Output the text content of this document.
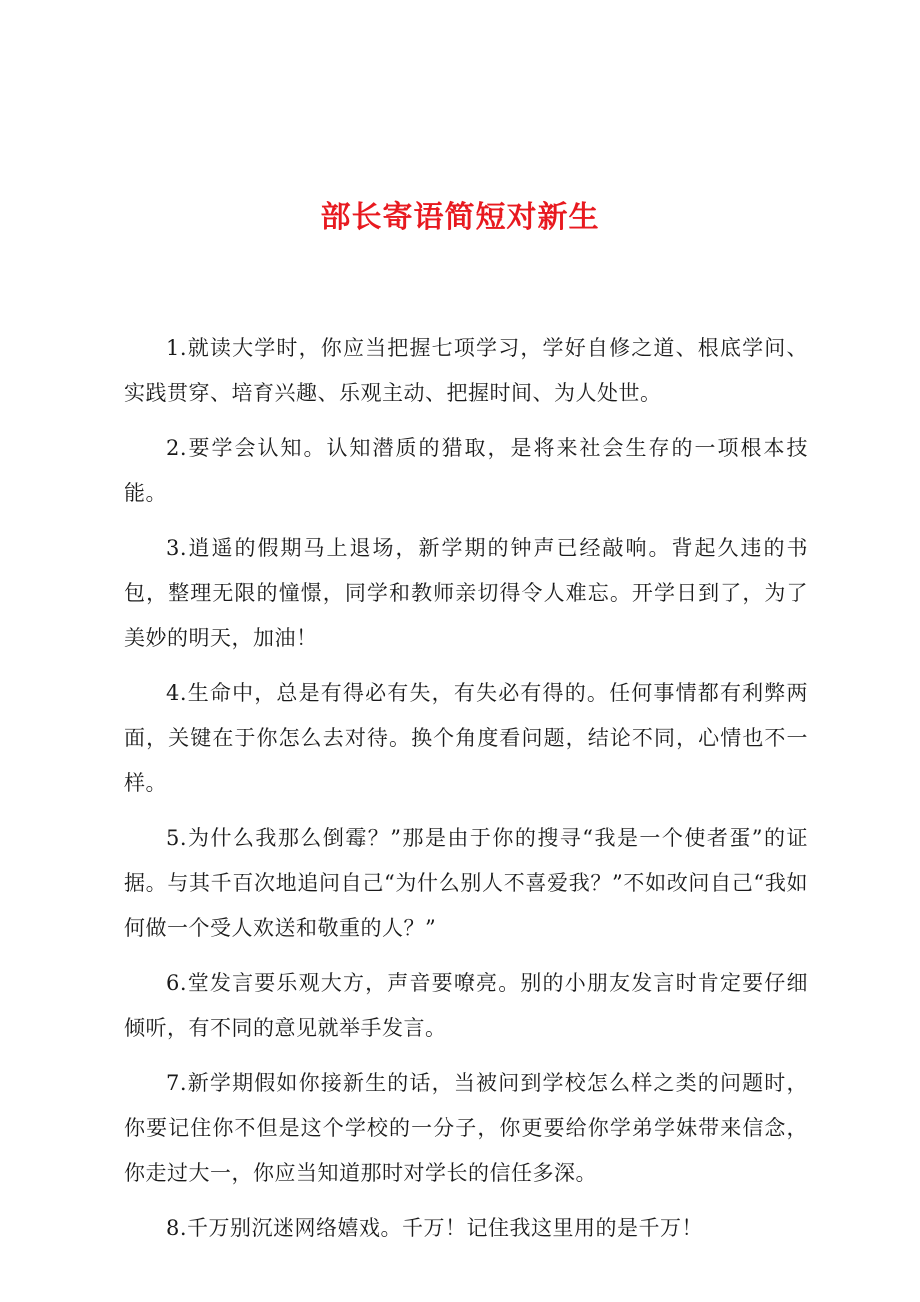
部长寄语简短对新生

1.就读大学时，你应当把握七项学习，学好自修之道、根底学问、实践贯穿、培育兴趣、乐观主动、把握时间、为人处世。

2.要学会认知。认知潜质的猎取，是将来社会生存的一项根本技能。

3.逍遥的假期马上退场，新学期的钟声已经敲响。背起久违的书包，整理无限的憧憬，同学和教师亲切得令人难忘。开学日到了，为了美妙的明天，加油！

4.生命中，总是有得必有失，有失必有得的。任何事情都有利弊两面，关键在于你怎么去对待。换个角度看问题，结论不同，心情也不一样。

5.为什么我那么倒霉？”那是由于你的搜寻“我是一个使者蛋”的证据。与其千百次地追问自己“为什么别人不喜爱我？”不如改问自己“我如何做一个受人欢送和敬重的人？”

6.堂发言要乐观大方，声音要嘹亮。别的小朋友发言时肯定要仔细倾听，有不同的意见就举手发言。

7.新学期假如你接新生的话，当被问到学校怎么样之类的问题时，你要记住你不但是这个学校的一分子，你更要给你学弟学妹带来信念，你走过大一，你应当知道那时对学长的信任多深。

8.千万别沉迷网络嬉戏。千万！记住我这里用的是千万！
